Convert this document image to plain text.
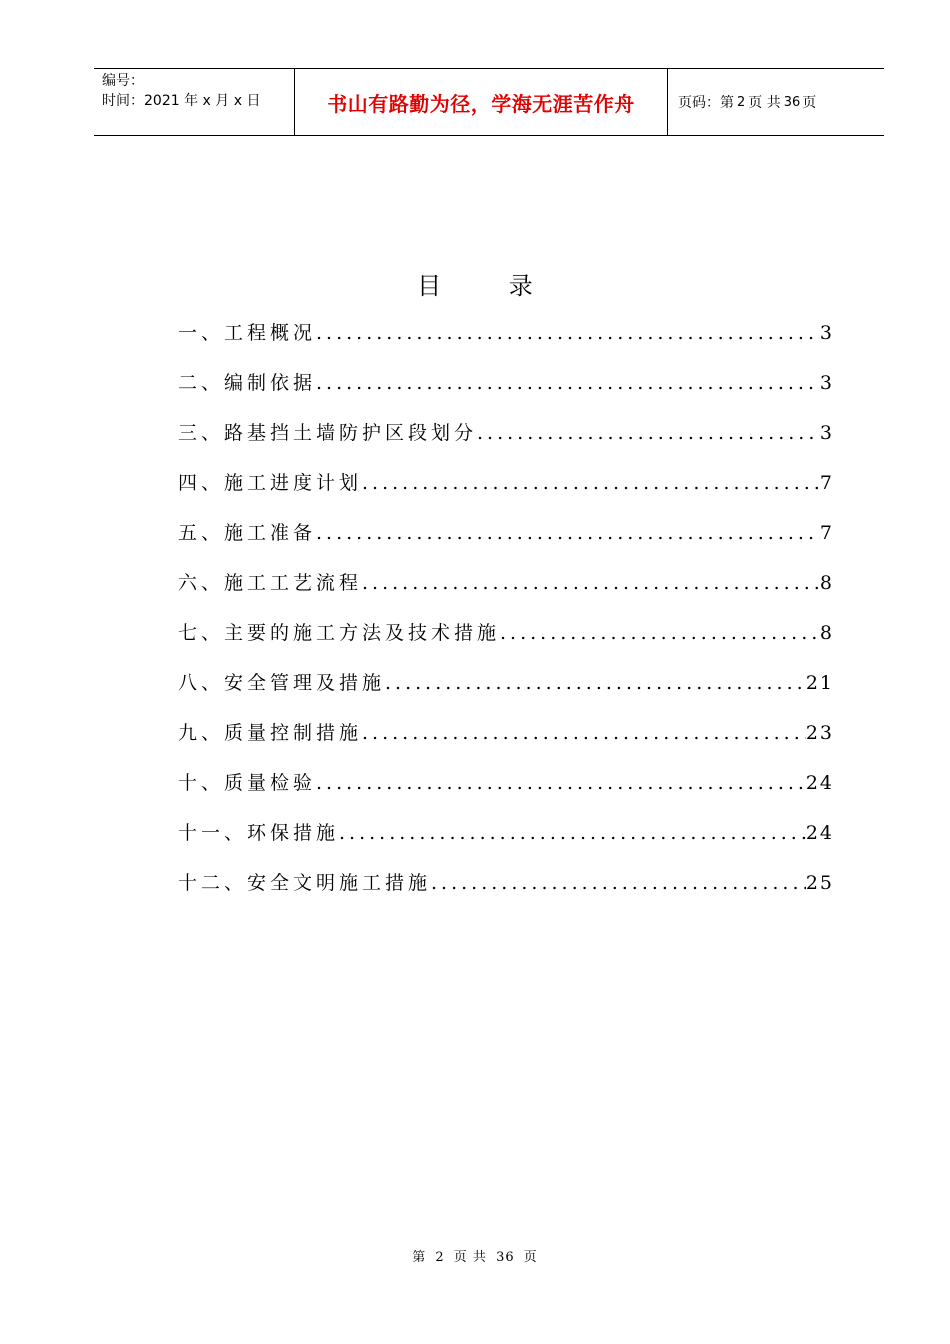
编号：
时间：2021 年 x 月 x 日	书山有路勤为径，学海无涯苦作舟	页码：第 2 页 共 36 页
目 录
一、工程概况 .....	3
二、编制依据 .....	3
三、路基挡土墙防护区段划分 .....	3
四、施工进度计划 .....	7
五、施工准备 .....	7
六、施工工艺流程 .....	8
七、主要的施工方法及技术措施 .....	8
八、安全管理及措施 .....	21
九、质量控制措施 .....	23
十、质量检验 .....	24
十一、环保措施 .....	24
十二、安全文明施工措施 .....	25
第 2 页 共 36 页
